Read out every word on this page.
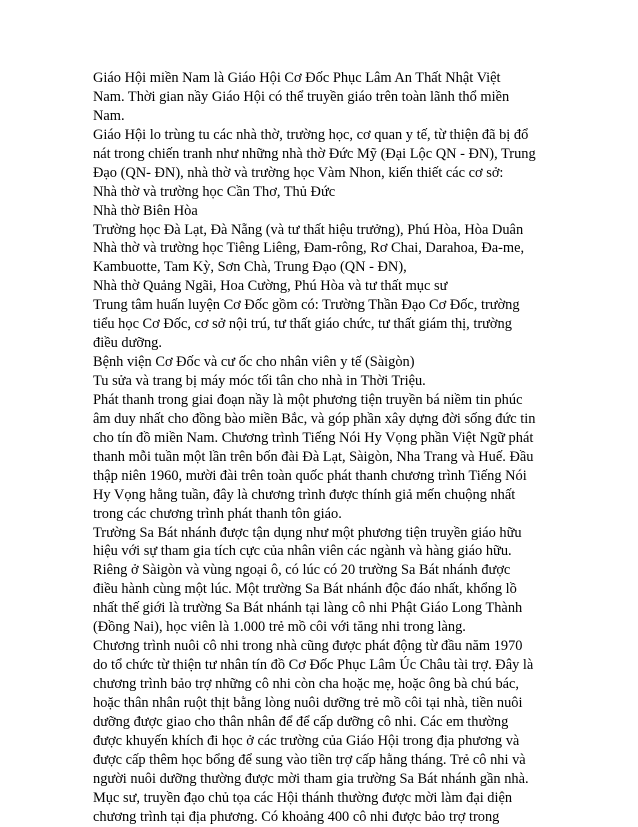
Giáo Hội miền Nam là Giáo Hội Cơ Đốc Phục Lâm An Thất Nhật Việt
Nam. Thời gian nầy Giáo Hội có thể truyền giáo trên toàn lãnh thổ miền
Nam.
Giáo Hội lo trùng tu các nhà thờ, trường học, cơ quan y tế, từ thiện đã bị đổ
nát trong chiến tranh như những nhà thờ Đức Mỹ (Đại Lộc QN - ĐN), Trung
Đạo (QN- ĐN), nhà thờ và trường học Vàm Nhon, kiến thiết các cơ sở:
Nhà thờ và trường học Cần Thơ, Thủ Đức
Nhà thờ Biên Hòa
Trường học Đà Lạt, Đà Nẵng (và tư thất hiệu trưởng), Phú Hòa, Hòa Duân
Nhà thờ và trường học Tiêng Liêng, Đam-rông, Rơ Chai, Darahoa, Đa-me,
Kambuotte, Tam Kỳ, Sơn Chà, Trung Đạo (QN - ĐN),
Nhà thờ Quảng Ngãi, Hoa Cường, Phú Hòa và tư thất mục sư
Trung tâm huấn luyện Cơ Đốc gồm có: Trường Thần Đạo Cơ Đốc, trường
tiểu học Cơ Đốc, cơ sở nội trú, tư thất giáo chức, tư thất giám thị, trường
điều dưỡng.
Bệnh viện Cơ Đốc và cư ốc cho nhân viên y tế (Sàigòn)
Tu sửa và trang bị máy móc tối tân cho nhà in Thời Triệu.
Phát thanh trong giai đoạn nầy là một phương tiện truyền bá niềm tin phúc
âm duy nhất cho đồng bào miền Bắc, và góp phần xây dựng đời sống đức tin
cho tín đồ miền Nam. Chương trình Tiếng Nói Hy Vọng phần Việt Ngữ phát
thanh mỗi tuần một lần trên bốn đài Đà Lạt, Sàigòn, Nha Trang và Huế. Đầu
thập niên 1960, mười đài trên toàn quốc phát thanh chương trình Tiếng Nói
Hy Vọng hằng tuần, đây là chương trình được thính giả mến chuộng nhất
trong các chương trình phát thanh tôn giáo.
Trường Sa Bát nhánh được tận dụng như một phương tiện truyền giáo hữu
hiệu với sự tham gia tích cực của nhân viên các ngành và hàng giáo hữu.
Riêng ở Sàigòn và vùng ngoại ô, có lúc có 20 trường Sa Bát nhánh được
điều hành cùng một lúc. Một trường Sa Bát nhánh độc đáo nhất, khổng lồ
nhất thế giới là trường Sa Bát nhánh tại làng cô nhi Phật Giáo Long Thành
(Đồng Nai), học viên là 1.000 trẻ mồ côi với tăng nhi trong làng.
Chương trình nuôi cô nhi trong nhà cũng được phát động từ đầu năm 1970
do tổ chức từ thiện tư nhân tín đồ Cơ Đốc Phục Lâm Úc Châu tài trợ. Đây là
chương trình bảo trợ những cô nhi còn cha hoặc mẹ, hoặc ông bà chú bác,
hoặc thân nhân ruột thịt bằng lòng nuôi dưỡng trẻ mồ côi tại nhà, tiền nuôi
dưỡng được giao cho thân nhân để để cấp dưỡng cô nhi. Các em thường
được khuyến khích đi học ở các trường của Giáo Hội trong địa phương và
được cấp thêm học bổng để sung vào tiền trợ cấp hằng tháng. Trẻ cô nhi và
người nuôi dưỡng thường được mời tham gia trường Sa Bát nhánh gần nhà.
Mục sư, truyền đạo chủ tọa các Hội thánh thường được mời làm đại diện
chương trình tại địa phương. Có khoảng 400 cô nhi được bảo trợ trong
